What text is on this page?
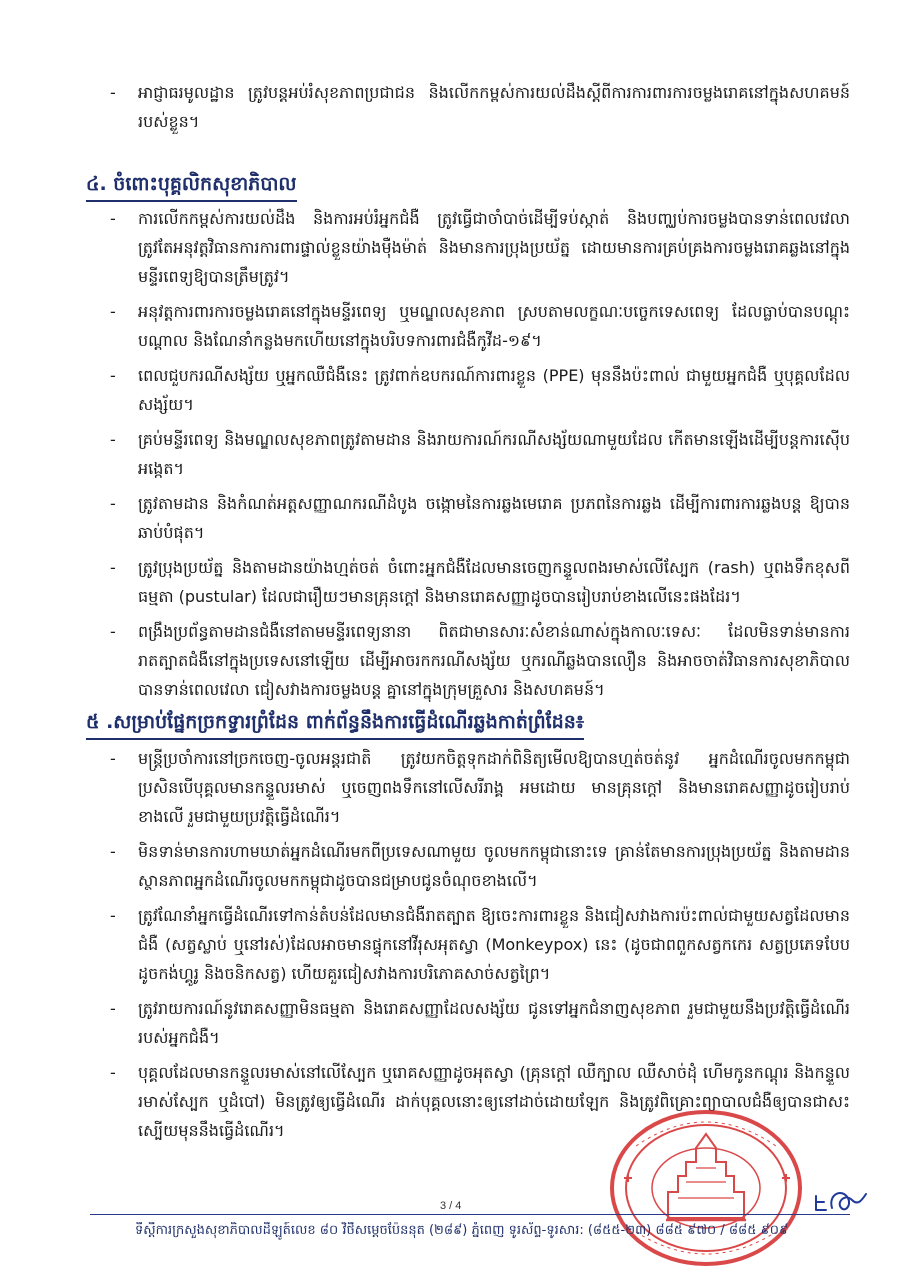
- អាជ្ញាធរមូលដ្ឋាន ត្រូវបន្តអប់រំសុខភាពប្រជាជន និងលើកកម្ពស់ការយល់ដឹងស្តីពីការការពារការចម្លងរោគនៅក្នុងសហគមន៍របស់ខ្លួន។
៤. ចំពោះបុគ្គលិកសុខាភិបាល
- ការលើកកម្ពស់ការយល់ដឹង និងការអប់រំអ្នកជំងឺ ត្រូវធ្វើជាចាំបាច់ដើម្បីទប់ស្កាត់ និងបញ្ឈប់ការចម្លងបានទាន់ពេលវេលា ត្រូវតែអនុវត្តវិធានការការពារផ្ទាល់ខ្លួនយ៉ាងម៉ឺងម៉ាត់ និងមានការប្រុងប្រយ័ត្ន ដោយមានការគ្រប់គ្រងការចម្លងរោគឆ្លងនៅក្នុងមន្ទីរពេទ្យឱ្យបានត្រឹមត្រូវ។
- អនុវត្តការពារការចម្លងរោគនៅក្នុងមន្ទីរពេទ្យ ឬមណ្ឌលសុខភាព ស្របតាមលក្ខណៈបច្ចេកទេសពេទ្យ ដែលធ្លាប់បានបណ្តុះបណ្តាល និងណែនាំកន្លងមកហើយនៅក្នុងបរិបទការពារជំងឺកូវីដ-១៩។
- ពេលជួបករណីសង្ស័យ ឬអ្នកឈឺជំងឺនេះ ត្រូវពាក់ឧបករណ៍ការពារខ្លួន (PPE) មុននឹងប៉ះពាល់ ជាមួយអ្នកជំងឺ ឬបុគ្គលដែលសង្ស័យ។
- គ្រប់មន្ទីរពេទ្យ និងមណ្ឌលសុខភាពត្រូវតាមដាន និងរាយការណ៍ករណីសង្ស័យណាមួយដែល កើតមានឡើងដើម្បីបន្តការស៊ើបអង្កេត។
- ត្រូវតាមដាន និងកំណត់អត្តសញ្ញាណករណីដំបូង ចង្កោមនៃការឆ្លងមេរោគ ប្រភពនៃការឆ្លង ដើម្បីការពារការឆ្លងបន្ត ឱ្យបានឆាប់បំផុត។
- ត្រូវប្រុងប្រយ័ត្ន និងតាមដានយ៉ាងហ្មត់ចត់ ចំពោះអ្នកជំងឺដែលមានចេញកន្ទួលពងរមាស់លើស្បែក (rash) ឬពងទឹកខុសពីធម្មតា (pustular) ដែលជារឿយៗមានគ្រុនក្តៅ និងមានរោគសញ្ញាដូចបានរៀបរាប់ខាងលើនេះផងដែរ។
- ពង្រឹងប្រព័ន្ធតាមដានជំងឺនៅតាមមន្ទីរពេទ្យនានា ពិតជាមានសារៈសំខាន់ណាស់ក្នុងកាលៈទេសៈ ដែលមិនទាន់មានការរាតត្បាតជំងឺនៅក្នុងប្រទេសនៅឡើយ ដើម្បីអាចរកករណីសង្ស័យ ឬករណីឆ្លងបានលឿន និងអាចចាត់វិធានការសុខាភិបាលបានទាន់ពេលវេលា ជៀសវាងការចម្លងបន្ត គ្នានៅក្នុងក្រុមគ្រួសារ និងសហគមន៍។
៥ .សម្រាប់ផ្នែកច្រកទ្វារព្រំដែន ពាក់ព័ន្ធនឹងការធ្វើដំណើរឆ្លងកាត់ព្រំដែន៖
- មន្ត្រីប្រចាំការនៅច្រកចេញ-ចូលអន្តរជាតិ ត្រូវយកចិត្តទុកដាក់ពិនិត្យមើលឱ្យបានហ្មត់ចត់នូវ អ្នកដំណើរចូលមកកម្ពុជា ប្រសិនបើបុគ្គលមានកន្ទួលរមាស់ ឬចេញពងទឹកនៅលើសរីរាង្គ អមដោយ មានគ្រុនក្តៅ និងមានរោគសញ្ញាដូចរៀបរាប់ខាងលើ រួមជាមួយប្រវត្តិធ្វើដំណើរ។
- មិនទាន់មានការហាមឃាត់អ្នកដំណើរមកពីប្រទេសណាមួយ ចូលមកកម្ពុជានោះទេ គ្រាន់តែមានការប្រុងប្រយ័ត្ន និងតាមដានស្ថានភាពអ្នកដំណើរចូលមកកម្ពុជាដូចបានជម្រាបជូនចំណុចខាងលើ។
- ត្រូវណែនាំអ្នកធ្វើដំណើរទៅកាន់តំបន់ដែលមានជំងឺរាតត្បាត ឱ្យចេះការពារខ្លួន និងជៀសវាងការប៉ះពាល់ជាមួយសត្វដែលមានជំងឺ (សត្វស្លាប់ ឬនៅរស់)ដែលអាចមានផ្ទុកនៅវីរុសអុតស្វា (Monkeypox) នេះ (ដូចជាពពួកសត្វកកេរ សត្វប្រភេទបែបដូចកង់ហ្គូរូ និងចនិកសត្វ) ហើយគួរជៀសវាងការបរិភោគសាច់សត្វព្រៃ។
- ត្រូវរាយការណ៍នូវរោគសញ្ញាមិនធម្មតា និងរោគសញ្ញាដែលសង្ស័យ ជូនទៅអ្នកជំនាញសុខភាព រួមជាមួយនឹងប្រវត្តិធ្វើដំណើររបស់អ្នកជំងឺ។
- បុគ្គលដែលមានកន្ទួលរមាស់នៅលើស្បែក ឬរោគសញ្ញាដូចអុតស្វា (គ្រុនក្តៅ ឈឺក្បាល ឈឺសាច់ដុំ ហើមកូនកណ្តុរ និងកន្ទួលរមាស់ស្បែក ឬដំបៅ) មិនត្រូវឲ្យធ្វើដំណើរ ដាក់បុគ្គលនោះឲ្យនៅដាច់ដោយឡែក និងត្រូវពិគ្រោះព្យាបាលជំងឺឲ្យបានជាសះស្បើយមុននឹងធ្វើដំណើរ។
3 / 4
ទីស្តីការក្រសួងសុខាភិបាលដីឡូត៍លេខ ៨០ វិថីសម្តេចប៉ែននុត (២៨៩) ភ្នំពេញ ទូរស័ព្ទ-ទូរសារ: (៨៥៥-២៣) ៨៨៥ ៩៧០ / ៨៨៥ ៩០៩
